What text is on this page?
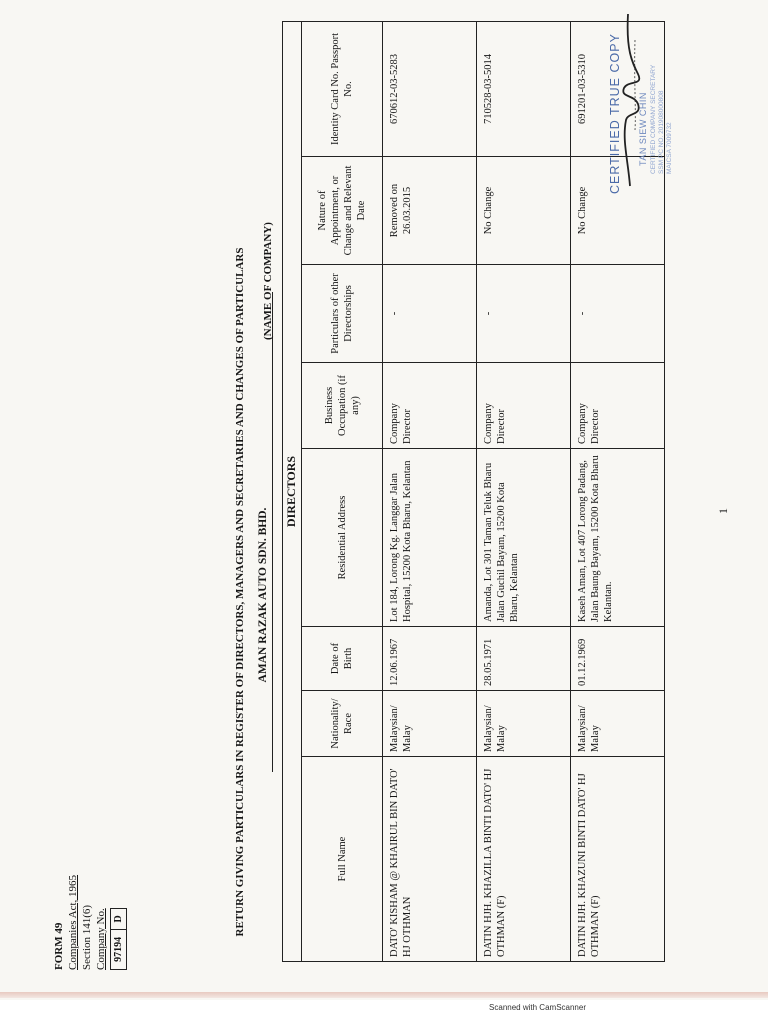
FORM 49 Companies Act, 1965 Section 141(6) Company No. 97194
D	RETURN GIVING PARTICULARS IN REGISTER OF DIRECTORS, MANAGERS AND SECRETARIES AND CHANGES OF PARTICULARS AMAN RAZAK AUTO SDN. BHD.
(NAME OF COMPANY)
DIRECTORS							
Full Name	Nationality/ Race	Date of Birth	Residential Address	Business Occupation (if any)	Particulars of other Directorships	Nature of Appointment, or Change and Relevant Date	Identity Card No. Passport No.
DATO' KISHAM @ KHAIRUL BIN DATO' HJ OTHMAN	Malaysian/ Malay	12.06.1967	Lot 184, Lorong Kg. Langgar Jalan Hospital, 15200 Kota Bharu, Kelantan	Company Director	-	Removed on 26.03.2015	670612-03-5283
DATIN HJH. KHAZILLA BINTI DATO' HJ OTHMAN (F)	Malaysian/ Malay	28.05.1971	Amanda, Lot 301 Taman Teluk Bharu Jalan Guchil Bayam, 15200 Kota Bharu, Kelantan	Company Director	-	No Change	710528-03-5014
DATIN HJH. KHAZUNI BINTI DATO' HJ OTHMAN (F)	Malaysian/ Malay	01.12.1969	Kaseh Aman, Lot 407 Lorong Padang, Jalan Baung Bayam, 15200 Kota Bharu Kelantan.	Company Director	-	No Change	691201-03-5310
1
CERTIFIED TRUE COPY TAN SIEW CHIN CERTIFIED COMPANY SECRETARY SSM PC NO. 201908000808 MAICSA 7009732
Scanned with CamScanner
